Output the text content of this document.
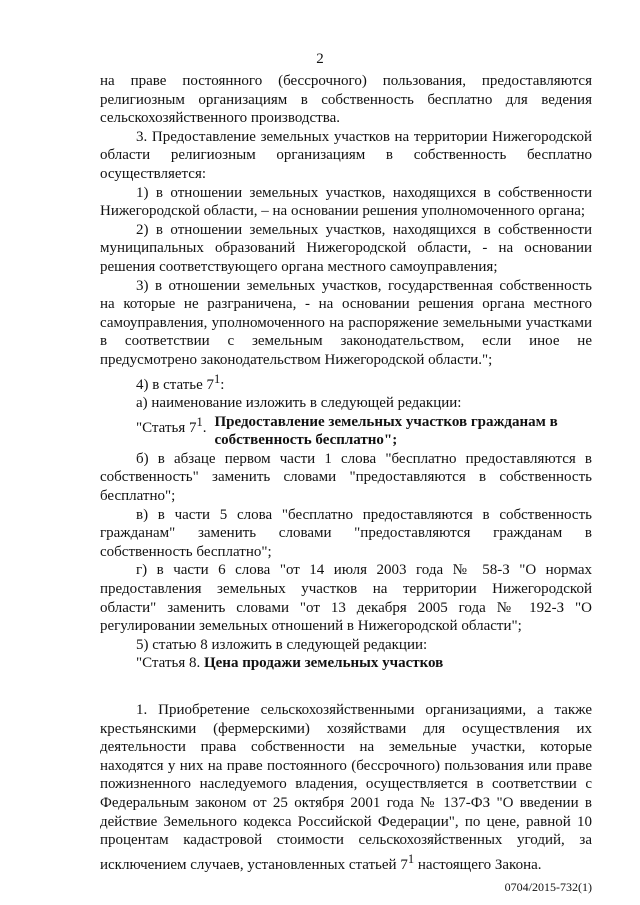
2

на праве постоянного (бессрочного) пользования, предоставляются религиозным организациям в собственность бесплатно для ведения сельскохозяйственного производства.

3. Предоставление земельных участков на территории Нижегородской области религиозным организациям в собственность бесплатно осуществляется:

1) в отношении земельных участков, находящихся в собственности Нижегородской области, – на основании решения уполномоченного органа;

2) в отношении земельных участков, находящихся в собственности муниципальных образований Нижегородской области, - на основании решения соответствующего органа местного самоуправления;

3) в отношении земельных участков, государственная собственность на которые не разграничена, - на основании решения органа местного самоуправления, уполномоченного на распоряжение земельными участками в соответствии с земельным законодательством, если иное не предусмотрено законодательством Нижегородской области.";

4) в статье $7^1$:

а) наименование изложить в следующей редакции:

"Статья $7^1$. Предоставление земельных участков гражданам в собственность бесплатно";

б) в абзаце первом части 1 слова "бесплатно предоставляются в собственность" заменить словами "предоставляются в собственность бесплатно";

в) в части 5 слова "бесплатно предоставляются в собственность гражданам" заменить словами "предоставляются гражданам в собственность бесплатно";

г) в части 6 слова "от 14 июля 2003 года № 58-З "О нормах предоставления земельных участков на территории Нижегородской области" заменить словами "от 13 декабря 2005 года № 192-З "О регулировании земельных отношений в Нижегородской области";

5) статью 8 изложить в следующей редакции:

"Статья 8. Цена продажи земельных участков

1. Приобретение сельскохозяйственными организациями, а также крестьянскими (фермерскими) хозяйствами для осуществления их деятельности права собственности на земельные участки, которые находятся у них на праве постоянного (бессрочного) пользования или праве пожизненного наследуемого владения, осуществляется в соответствии с Федеральным законом от 25 октября 2001 года № 137-ФЗ "О введении в действие Земельного кодекса Российской Федерации", по цене, равной 10 процентам кадастровой стоимости сельскохозяйственных угодий, за исключением случаев, установленных статьей $7^1$ настоящего Закона.

0704/2015-732(1)
